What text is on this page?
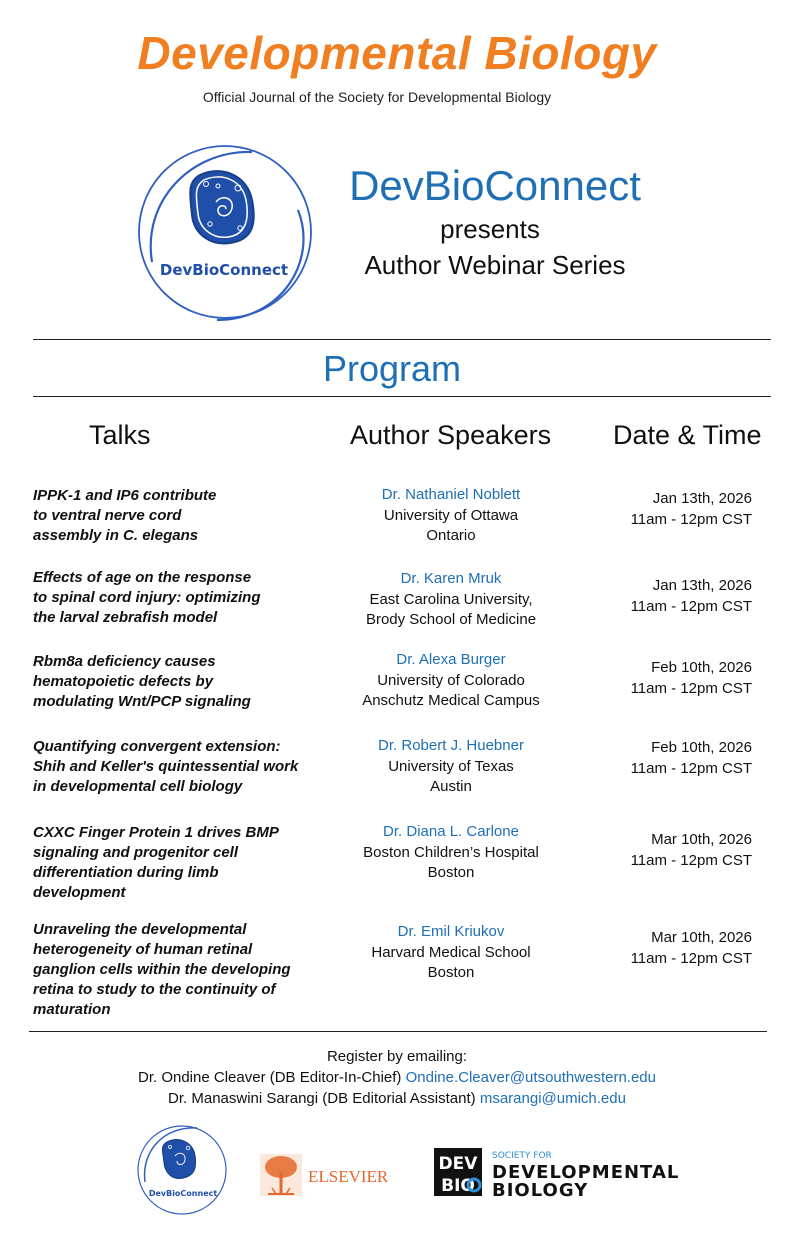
Developmental Biology
Official Journal of the Society for Developmental Biology
DevBioConnect
DevBioConnect
presents
Author Webinar Series
Program
Talks	Author Speakers Date & Time
IPPK-1 and IP6 contribute
to ventral nerve cord
assembly in C. elegans
Dr. Nathaniel Noblett
University of Ottawa
Ontario
Jan 13th, 2026
11am - 12pm CST
Effects of age on the response
to spinal cord injury: optimizing
the larval zebrafish model
Dr. Karen Mruk
East Carolina University,
Brody School of Medicine
Jan 13th, 2026
11am - 12pm CST
Rbm8a deficiency causes
hematopoietic defects by
modulating Wnt/PCP signaling
Dr. Alexa Burger
University of Colorado
Anschutz Medical Campus
Feb 10th, 2026
11am - 12pm CST
Quantifying convergent extension:
Shih and Keller's quintessential work
in developmental cell biology
Dr. Robert J. Huebner
University of Texas
Austin
Feb 10th, 2026
11am - 12pm CST
CXXC Finger Protein 1 drives BMP
signaling and progenitor cell
differentiation during limb
development
Dr. Diana L. Carlone
Boston Children’s Hospital
Boston
Mar 10th, 2026
11am - 12pm CST
Unraveling the developmental
heterogeneity of human retinal
ganglion cells within the developing
retina to study to the continuity of
maturation
Dr. Emil Kriukov
Harvard Medical School
Boston
Mar 10th, 2026
11am - 12pm CST
Register by emailing:
Dr. Ondine Cleaver (DB Editor-In-Chief) Ondine.Cleaver@utsouthwestern.edu
Dr. Manaswini Sarangi (DB Editorial Assistant) msarangi@umich.edu
DevBioConnect
ELSEVIER
DEV
BIO
SOCIETY FOR
DEVELOPMENTAL
BIOLOGY
